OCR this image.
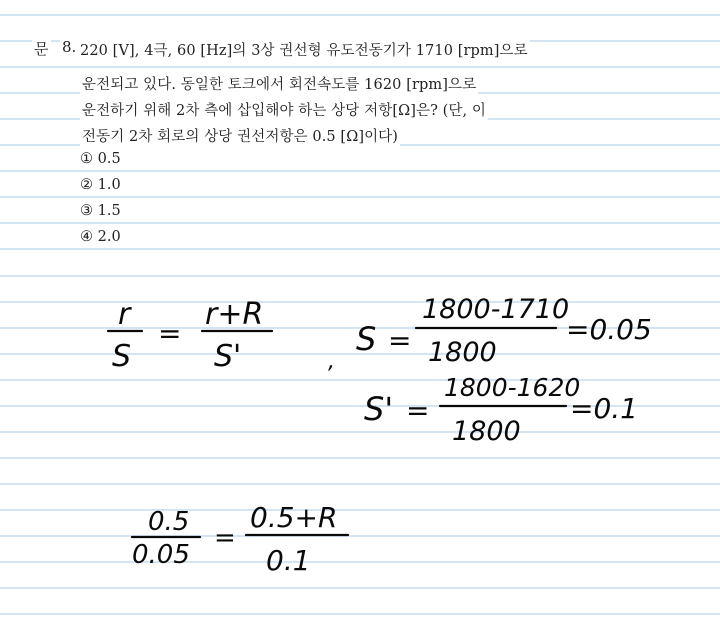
문 8. 220 [V], 4극, 60 [Hz]의 3상 권선형 유도전동기가 1710 [rpm]으로
운전되고 있다. 동일한 토크에서 회전속도를 1620 [rpm]으로
운전하기 위해 2차 측에 삽입해야 하는 상당 저항[Ω]은? (단, 이
전동기 2차 회로의 상당 권선저항은 0.5 [Ω]이다)
① 0.5
② 1.0
③ 1.5
④ 2.0
r
S
=
r+R
S'	,
S =
1800-1710
1800
=0.05
S' =
1800-1620
1800
=0.1
0.5
0.05
=
0.5+R
0.1
